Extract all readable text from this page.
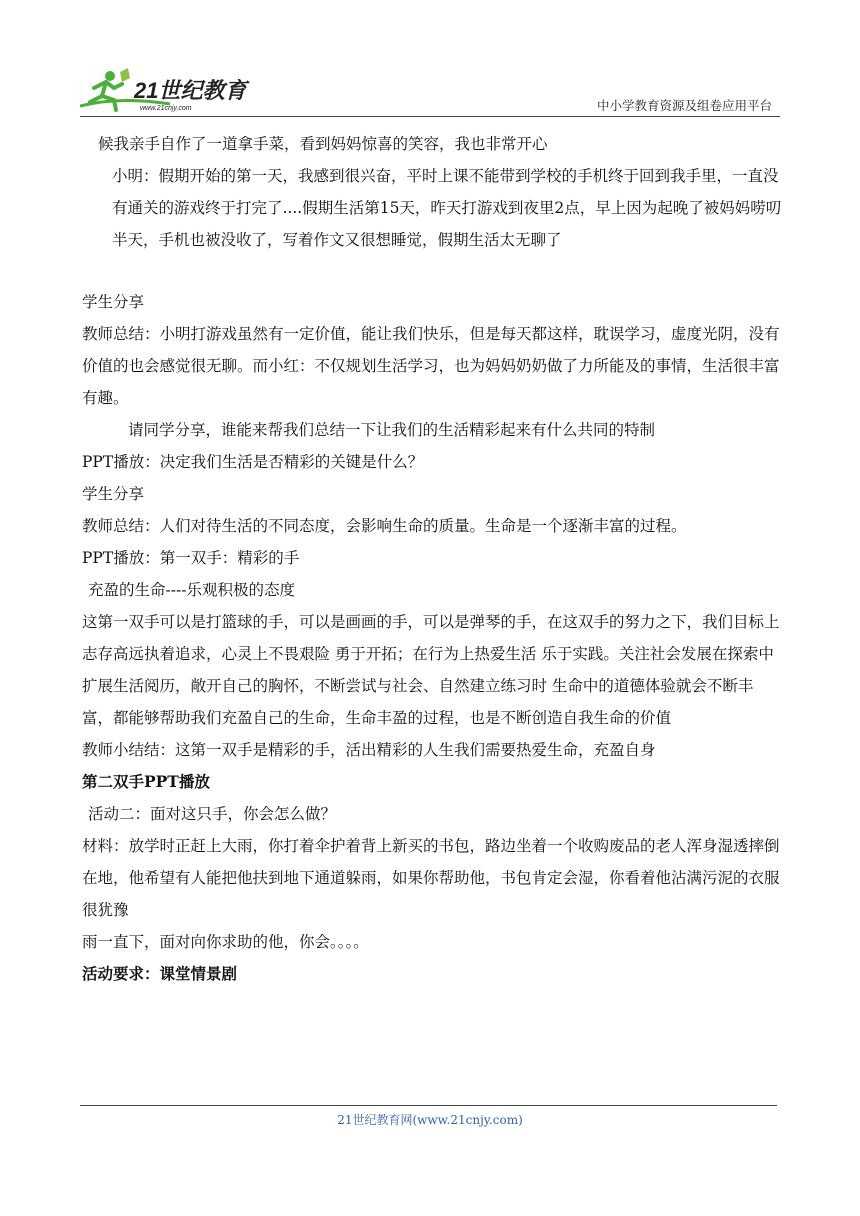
21世纪教育
www.21cnjy.com	中小学教育资源及组卷应用平台

候我亲手自作了一道拿手菜，看到妈妈惊喜的笑容，我也非常开心

小明：假期开始的第一天，我感到很兴奋，平时上课不能带到学校的手机终于回到我手里，一直没有通关的游戏终于打完了....假期生活第15天，昨天打游戏到夜里2点，早上因为起晚了被妈妈唠叨半天，手机也被没收了，写着作文又很想睡觉，假期生活太无聊了

学生分享

教师总结：小明打游戏虽然有一定价值，能让我们快乐，但是每天都这样，耽误学习，虚度光阴，没有价值的也会感觉很无聊。而小红：不仅规划生活学习，也为妈妈奶奶做了力所能及的事情，生活很丰富有趣。

请同学分享，谁能来帮我们总结一下让我们的生活精彩起来有什么共同的特制

PPT播放：决定我们生活是否精彩的关键是什么？

学生分享

教师总结：人们对待生活的不同态度，会影响生命的质量。生命是一个逐渐丰富的过程。

PPT播放：第一双手：精彩的手

充盈的生命----乐观积极的态度

这第一双手可以是打篮球的手，可以是画画的手，可以是弹琴的手，在这双手的努力之下，我们目标上志存高远执着追求，心灵上不畏艰险 勇于开拓；在行为上热爱生活 乐于实践。关注社会发展在探索中扩展生活阅历，敞开自己的胸怀，不断尝试与社会、自然建立练习时 生命中的道德体验就会不断丰富，都能够帮助我们充盈自己的生命，生命丰盈的过程，也是不断创造自我生命的价值

教师小结结：这第一双手是精彩的手，活出精彩的人生我们需要热爱生命，充盈自身

第二双手PPT播放

活动二：面对这只手，你会怎么做？

材料：放学时正赶上大雨，你打着伞护着背上新买的书包，路边坐着一个收购废品的老人浑身湿透摔倒在地，他希望有人能把他扶到地下通道躲雨，如果你帮助他，书包肯定会湿，你看着他沾满污泥的衣服很犹豫

雨一直下，面对向你求助的他，你会。。。。

活动要求：课堂情景剧

21世纪教育网(www.21cnjy.com)
